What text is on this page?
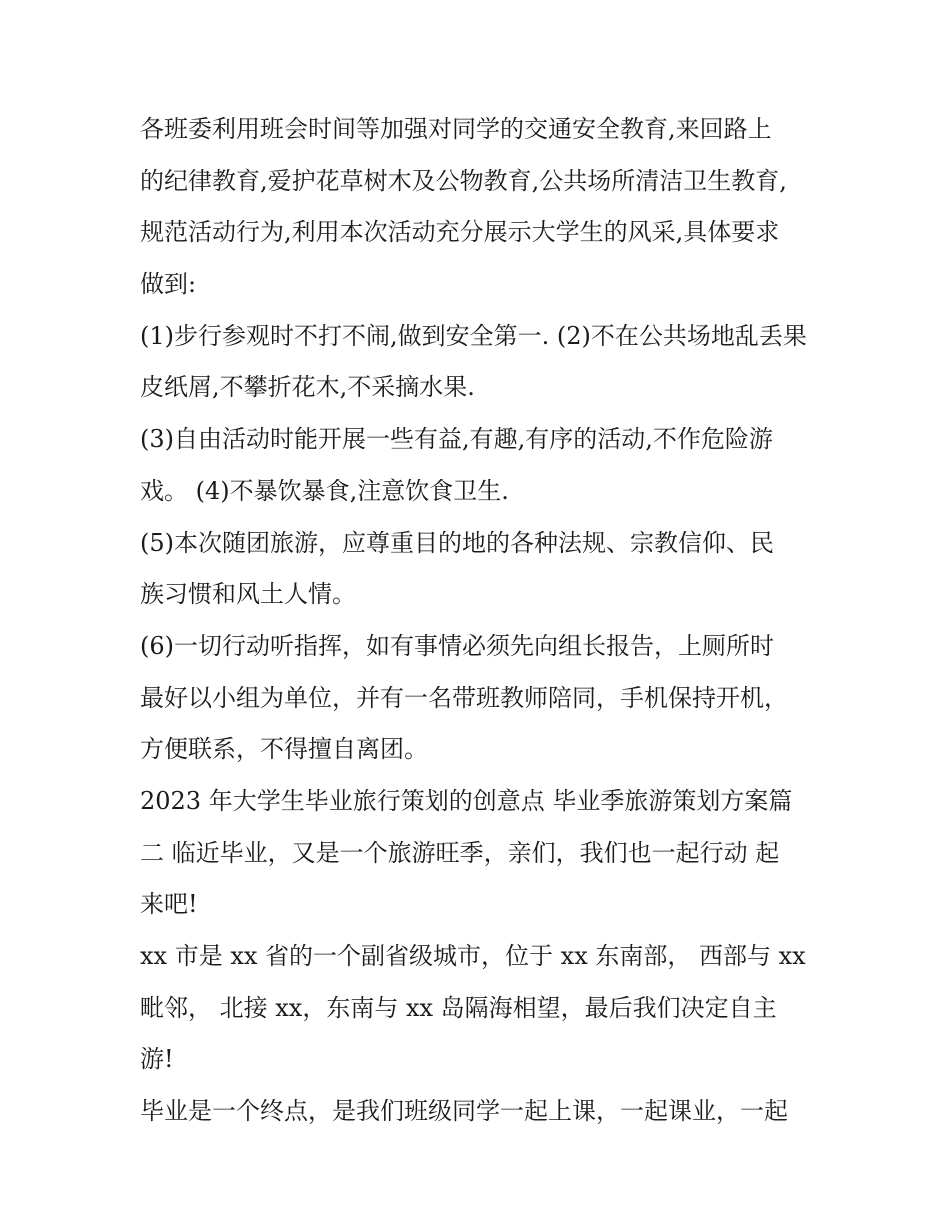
各班委利用班会时间等加强对同学的交通安全教育,来回路上
的纪律教育,爱护花草树木及公物教育,公共场所清洁卫生教育,
规范活动行为,利用本次活动充分展示大学生的风采,具体要求
做到:
(1)步行参观时不打不闹,做到安全第一. (2)不在公共场地乱丢果
皮纸屑,不攀折花木,不采摘水果.
(3)自由活动时能开展一些有益,有趣,有序的活动,不作危险游
戏。 (4)不暴饮暴食,注意饮食卫生.
(5)本次随团旅游，应尊重目的地的各种法规、宗教信仰、民
族习惯和风土人情。
(6)一切行动听指挥，如有事情必须先向组长报告，上厕所时
最好以小组为单位，并有一名带班教师陪同，手机保持开机，
方便联系，不得擅自离团。
2023 年大学生毕业旅行策划的创意点 毕业季旅游策划方案篇
二 临近毕业，又是一个旅游旺季，亲们，我们也一起行动 起
来吧!
xx 市是 xx 省的一个副省级城市，位于 xx 东南部， 西部与 xx
毗邻， 北接 xx，东南与 xx 岛隔海相望，最后我们决定自主
游!
毕业是一个终点，是我们班级同学一起上课，一起课业，一起
